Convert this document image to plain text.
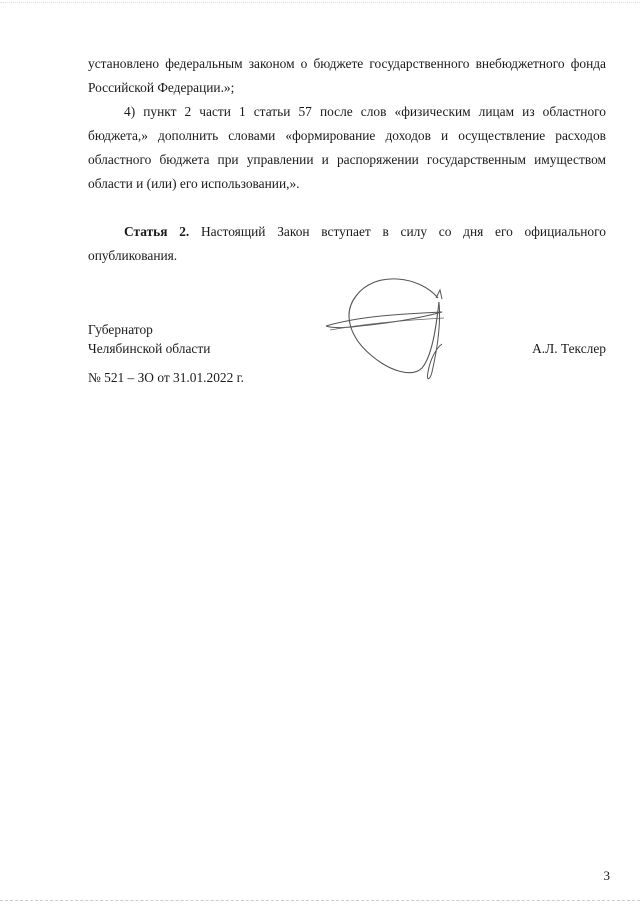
установлено федеральным законом о бюджете государственного внебюджетного фонда Российской Федерации.»;

4) пункт 2 части 1 статьи 57 после слов «физическим лицам из областного бюджета,» дополнить словами «формирование доходов и осуществление расходов областного бюджета при управлении и распоряжении государственным имуществом области и (или) его использовании,».

Статья 2. Настоящий Закон вступает в силу со дня его официального опубликования.

Губернатор
Челябинской области	А.Л. Текслер
№ 521 – ЗО от 31.01.2022 г.
3
